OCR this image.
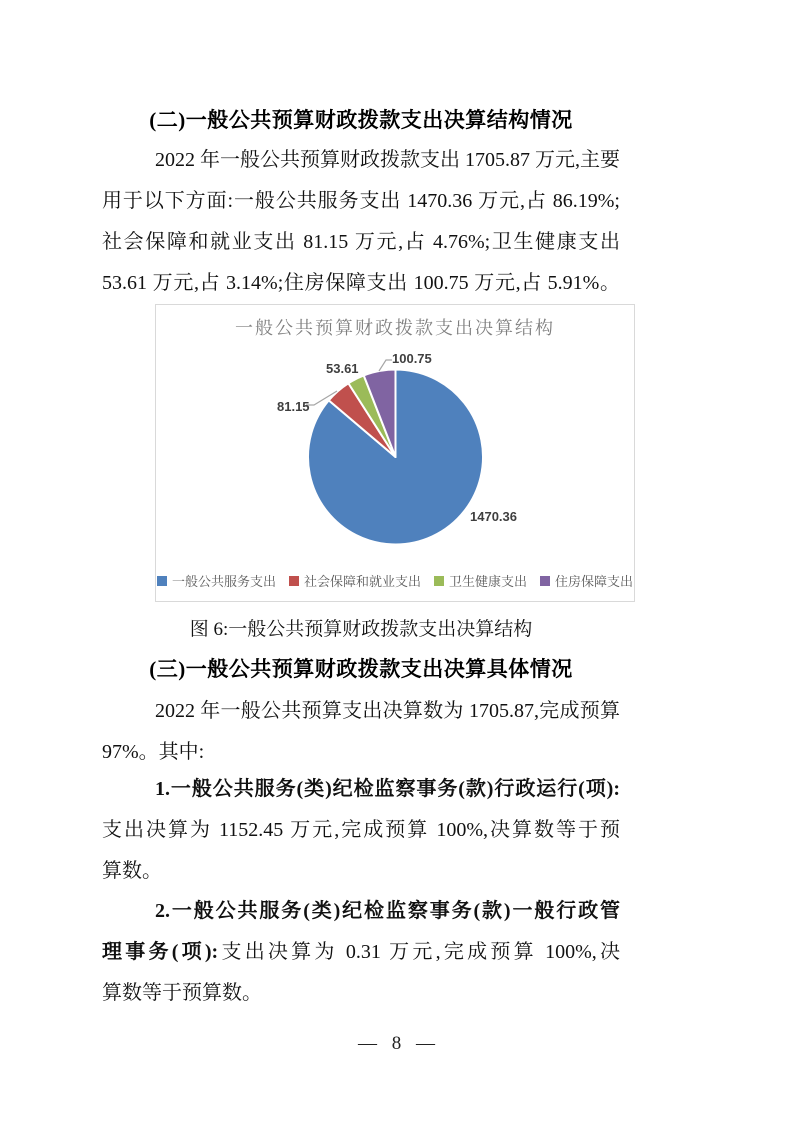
(二)一般公共预算财政拨款支出决算结构情况
2022 年一般公共预算财政拨款支出 1705.87 万元,主要
用于以下方面:一般公共服务支出 1470.36 万元,占 86.19%;
社会保障和就业支出 81.15 万元,占 4.76%;卫生健康支出
53.61 万元,占 3.14%;住房保障支出 100.75 万元,占 5.91%。
一般公共预算财政拨款支出决算结构
1470.36
81.15
53.61
100.75
一般公共服务支出 社会保障和就业支出 卫生健康支出 住房保障支出
图 6:一般公共预算财政拨款支出决算结构
(三)一般公共预算财政拨款支出决算具体情况
2022 年一般公共预算支出决算数为 1705.87,完成预算
97%。其中:
1.一般公共服务(类)纪检监察事务(款)行政运行(项):
支出决算为 1152.45 万元,完成预算 100%,决算数等于预
算数。
2.一般公共服务(类)纪检监察事务(款)一般行政管
理事务(项):支出决算为 0.31 万元,完成预算 100%,决
算数等于预算数。
— 8 —
